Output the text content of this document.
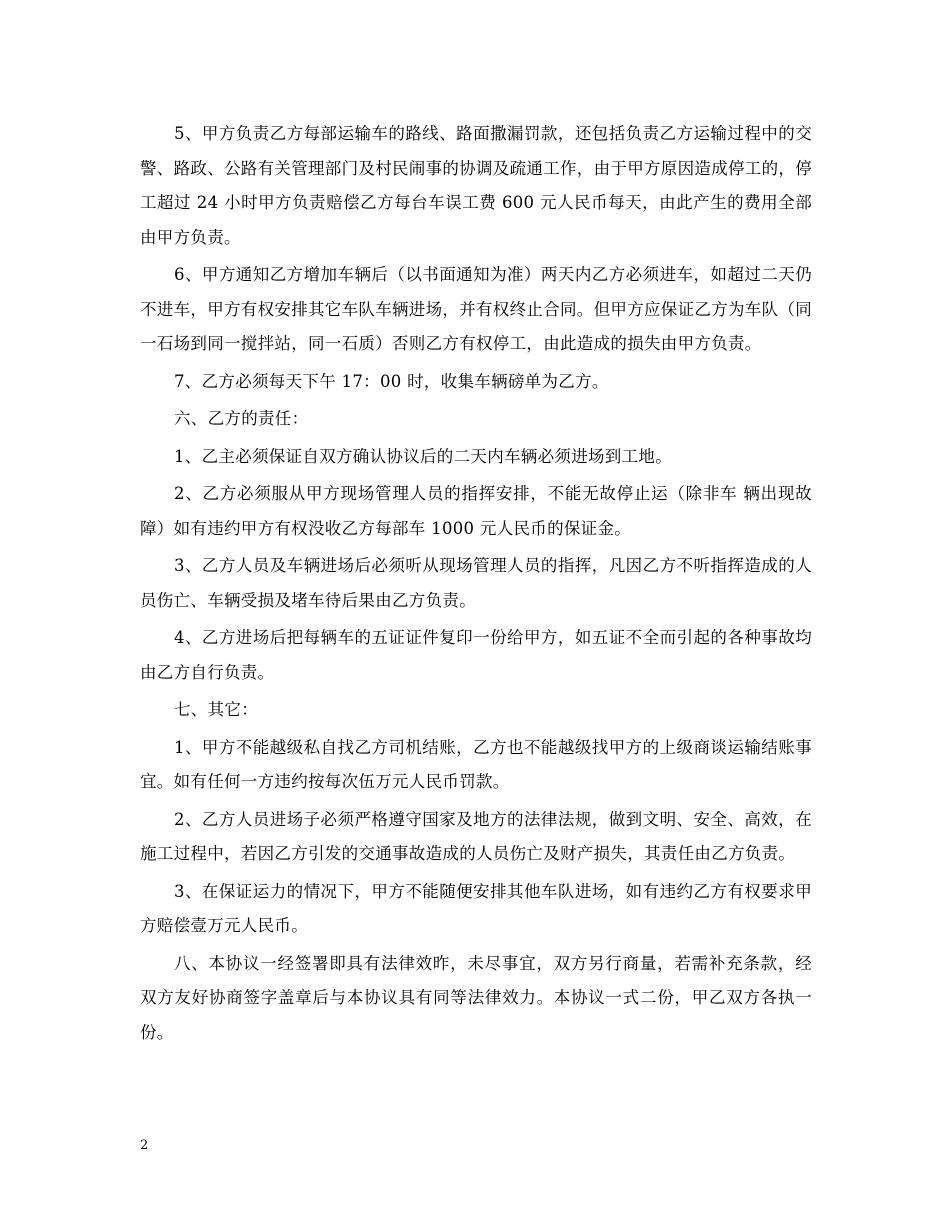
5、甲方负责乙方每部运输车的路线、路面撒漏罚款，还包括负责乙方运输过程中的交警、路政、公路有关管理部门及村民闹事的协调及疏通工作，由于甲方原因造成停工的，停工超过 24 小时甲方负责赔偿乙方每台车误工费 600 元人民币每天，由此产生的费用全部由甲方负责。

6、甲方通知乙方增加车辆后（以书面通知为准）两天内乙方必须进车，如超过二天仍不进车，甲方有权安排其它车队车辆进场，并有权终止合同。但甲方应保证乙方为车队（同一石场到同一搅拌站，同一石质）否则乙方有权停工，由此造成的损失由甲方负责。

7、乙方必须每天下午 17：00 时，收集车辆磅单为乙方。

六、乙方的责任：

1、乙主必须保证自双方确认协议后的二天内车辆必须进场到工地。

2、乙方必须服从甲方现场管理人员的指挥安排，不能无故停止运（除非车 辆出现故障）如有违约甲方有权没收乙方每部车 1000 元人民币的保证金。

3、乙方人员及车辆进场后必须听从现场管理人员的指挥，凡因乙方不听指挥造成的人员伤亡、车辆受损及堵车待后果由乙方负责。

4、乙方进场后把每辆车的五证证件复印一份给甲方，如五证不全而引起的各种事故均由乙方自行负责。

七、其它：

1、甲方不能越级私自找乙方司机结账，乙方也不能越级找甲方的上级商谈运输结账事宜。如有任何一方违约按每次伍万元人民币罚款。

2、乙方人员进场子必须严格遵守国家及地方的法律法规，做到文明、安全、高效，在施工过程中，若因乙方引发的交通事故造成的人员伤亡及财产损失，其责任由乙方负责。

3、在保证运力的情况下，甲方不能随便安排其他车队进场，如有违约乙方有权要求甲方赔偿壹万元人民币。

八、本协议一经签署即具有法律效昨，未尽事宜，双方另行商量，若需补充条款，经双方友好协商签字盖章后与本协议具有同等法律效力。本协议一式二份，甲乙双方各执一份。

2
